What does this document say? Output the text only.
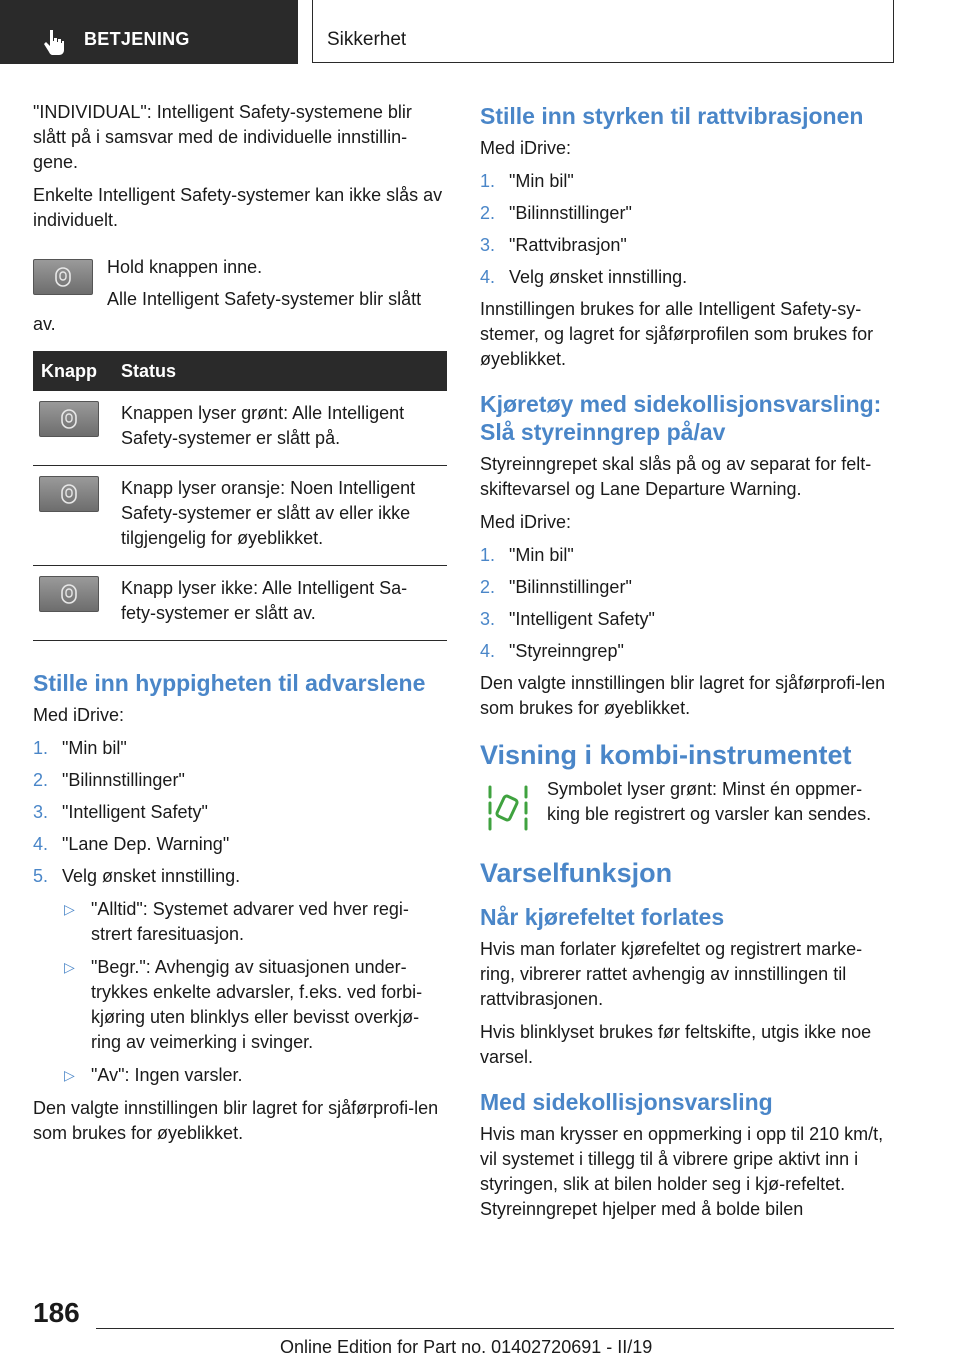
BETJENING	Sikkerhet

"INDIVIDUAL": Intelligent Safety-systemene blir slått på i samsvar med de individuelle innstillin-gene.

Enkelte Intelligent Safety-systemer kan ikke slås av individuelt.

Hold knappen inne.

Alle Intelligent Safety-systemer blir slått av.

Knapp	Status

	Knappen lyser grønt: Alle Intelligent Safety-systemer er slått på.

	Knapp lyser oransje: Noen Intelligent Safety-systemer er slått av eller ikke tilgjengelig for øyeblikket.

	Knapp lyser ikke: Alle Intelligent Sa-fety-systemer er slått av.
Stille inn hyppigheten til advarslene

Med iDrive:

1. "Min bil"
2. "Bilinnstillinger"
3. "Intelligent Safety"
4. "Lane Dep. Warning"
5. Velg ønsket innstilling.
▷ "Alltid": Systemet advarer ved hver regi-strert faresituasjon.
▷ "Begr.": Avhengig av situasjonen under-trykkes enkelte advarsler, f.eks. ved forbi-kjøring uten blinklys eller bevisst overkjø-ring av veimerking i svinger.
▷ "Av": Ingen varsler.

Den valgte innstillingen blir lagret for sjåførprofi-len som brukes for øyeblikket.

Stille inn styrken til rattvibrasjonen

Med iDrive:

1. "Min bil"
2. "Bilinnstillinger"
3. "Rattvibrasjon"
4. Velg ønsket innstilling.

Innstillingen brukes for alle Intelligent Safety-sy-stemer, og lagret for sjåførprofilen som brukes for øyeblikket.

Kjøretøy med sidekollisjonsvarsling: Slå styreinngrep på/av

Styreinngrepet skal slås på og av separat for felt-skiftevarsel og Lane Departure Warning.

Med iDrive:

1. "Min bil"
2. "Bilinnstillinger"
3. "Intelligent Safety"
4. "Styreinngrep"

Den valgte innstillingen blir lagret for sjåførprofi-len som brukes for øyeblikket.

Visning i kombi-instrumentet

Symbolet lyser grønt: Minst én oppmer-king ble registrert og varsler kan sendes.

Varselfunksjon
Når kjørefeltet forlates

Hvis man forlater kjørefeltet og registrert marke-ring, vibrerer rattet avhengig av innstillingen til rattvibrasjonen.

Hvis blinklyset brukes før feltskifte, utgis ikke noe varsel.

Med sidekollisjonsvarsling

Hvis man krysser en oppmerking i opp til 210 km/t, vil systemet i tillegg til å vibrere gripe aktivt inn i styringen, slik at bilen holder seg i kjø-refeltet. Styreinngrepet hjelper med å bolde bilen

186
Online Edition for Part no. 01402720691 - II/19
